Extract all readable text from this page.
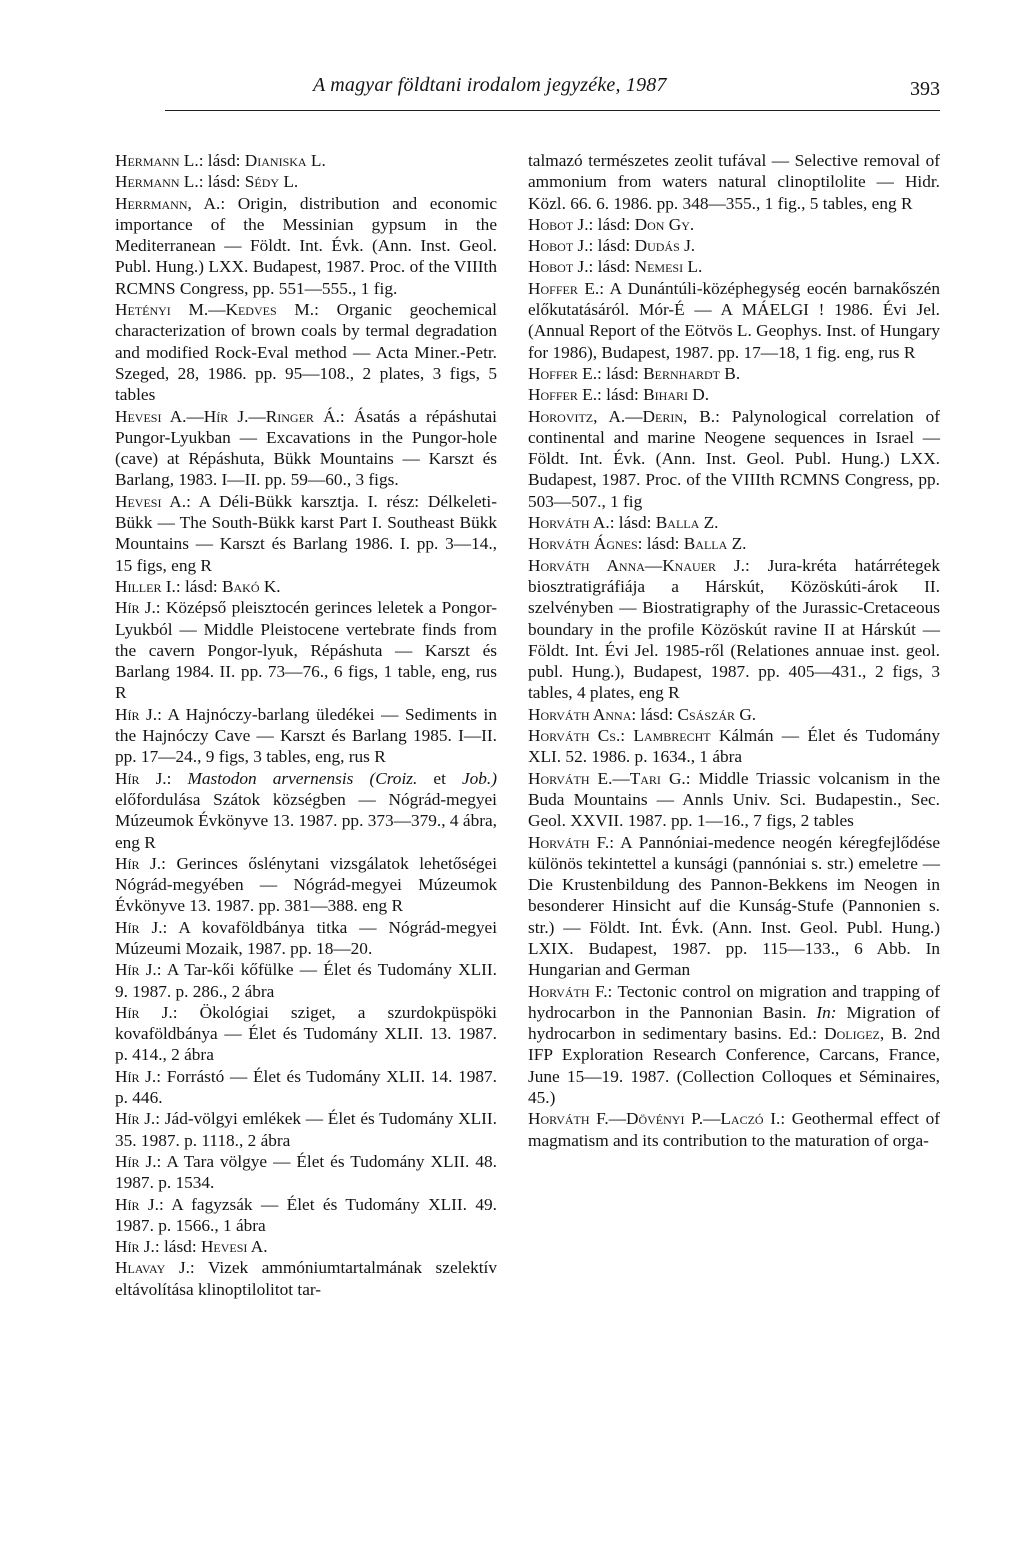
A magyar földtani irodalom jegyzéke, 1987	393

Hermann L.: lásd: Dianiska L.

Hermann L.: lásd: Sédy L.

Herrmann, A.: Origin, distribution and economic importance of the Messinian gypsum in the Mediterranean — Földt. Int. Évk. (Ann. Inst. Geol. Publ. Hung.) LXX. Budapest, 1987. Proc. of the VIIIth RCMNS Congress, pp. 551—555., 1 fig.

Hetényi M.—Kedves M.: Organic geochemical characterization of brown coals by termal degradation and modified Rock-Eval method — Acta Miner.-Petr. Szeged, 28, 1986. pp. 95—108., 2 plates, 3 figs, 5 tables

Hevesi A.—Hír J.—Ringer Á.: Ásatás a répáshutai Pungor-Lyukban — Excavations in the Pungor-hole (cave) at Répáshuta, Bükk Mountains — Karszt és Barlang, 1983. I—II. pp. 59—60., 3 figs.

Hevesi A.: A Déli-Bükk karsztja. I. rész: Délkeleti-Bükk — The South-Bükk karst Part I. Southeast Bükk Mountains — Karszt és Barlang 1986. I. pp. 3—14., 15 figs, eng R

Hiller I.: lásd: Bakó K.

Hír J.: Középső pleisztocén gerinces leletek a Pongor-Lyukból — Middle Pleistocene vertebrate finds from the cavern Pongor-lyuk, Répáshuta — Karszt és Barlang 1984. II. pp. 73—76., 6 figs, 1 table, eng, rus R

Hír J.: A Hajnóczy-barlang üledékei — Sediments in the Hajnóczy Cave — Karszt és Barlang 1985. I—II. pp. 17—24., 9 figs, 3 tables, eng, rus R

Hír J.: Mastodon arvernensis (Croiz. et Job.) előfordulása Szátok községben — Nógrád-megyei Múzeumok Évkönyve 13. 1987. pp. 373—379., 4 ábra, eng R

Hír J.: Gerinces őslénytani vizsgálatok lehetőségei Nógrád-megyében — Nógrád-megyei Múzeumok Évkönyve 13. 1987. pp. 381—388. eng R

Hír J.: A kovaföldbánya titka — Nógrád-megyei Múzeumi Mozaik, 1987. pp. 18—20.

Hír J.: A Tar-kői kőfülke — Élet és Tudomány XLII. 9. 1987. p. 286., 2 ábra

Hír J.: Ökológiai sziget, a szurdokpüspöki kovaföldbánya — Élet és Tudomány XLII. 13. 1987. p. 414., 2 ábra

Hír J.: Forrástó — Élet és Tudomány XLII. 14. 1987. p. 446.

Hír J.: Jád-völgyi emlékek — Élet és Tudomány XLII. 35. 1987. p. 1118., 2 ábra

Hír J.: A Tara völgye — Élet és Tudomány XLII. 48. 1987. p. 1534.

Hír J.: A fagyzsák — Élet és Tudomány XLII. 49. 1987. p. 1566., 1 ábra

Hír J.: lásd: Hevesi A.

Hlavay J.: Vizek ammóniumtartalmának szelektív eltávolítása klinoptilolitot tar-

talmazó természetes zeolit tufával — Selective removal of ammonium from waters natural clinoptilolite — Hidr. Közl. 66. 6. 1986. pp. 348—355., 1 fig., 5 tables, eng R

Hobot J.: lásd: Don Gy.

Hobot J.: lásd: Dudás J.

Hobot J.: lásd: Nemesi L.

Hoffer E.: A Dunántúli-középhegység eocén barnakőszén előkutatásáról. Mór-É — A MÁELGI ! 1986. Évi Jel. (Annual Report of the Eötvös L. Geophys. Inst. of Hungary for 1986), Budapest, 1987. pp. 17—18, 1 fig. eng, rus R

Hoffer E.: lásd: Bernhardt B.

Hoffer E.: lásd: Bihari D.

Horovitz, A.—Derin, B.: Palynological correlation of continental and marine Neogene sequences in Israel — Földt. Int. Évk. (Ann. Inst. Geol. Publ. Hung.) LXX. Budapest, 1987. Proc. of the VIIIth RCMNS Congress, pp. 503—507., 1 fig

Horváth A.: lásd: Balla Z.

Horváth Ágnes: lásd: Balla Z.

Horváth Anna—Knauer J.: Jura-kréta határrétegek biosztratigráfiája a Hárskút, Közöskúti-árok II. szelvényben — Biostratigraphy of the Jurassic-Cretaceous boundary in the profile Közöskút ravine II at Hárskút — Földt. Int. Évi Jel. 1985-ről (Relationes annuae inst. geol. publ. Hung.), Budapest, 1987. pp. 405—431., 2 figs, 3 tables, 4 plates, eng R

Horváth Anna: lásd: Császár G.

Horváth Cs.: Lambrecht Kálmán — Élet és Tudomány XLI. 52. 1986. p. 1634., 1 ábra

Horváth E.—Tari G.: Middle Triassic volcanism in the Buda Mountains — Annls Univ. Sci. Budapestin., Sec. Geol. XXVII. 1987. pp. 1—16., 7 figs, 2 tables

Horváth F.: A Pannóniai-medence neogén kéregfejlődése különös tekintettel a kunsági (pannóniai s. str.) emeletre — Die Krustenbildung des Pannon-Bekkens im Neogen in besonderer Hinsicht auf die Kunság-Stufe (Pannonien s. str.) — Földt. Int. Évk. (Ann. Inst. Geol. Publ. Hung.) LXIX. Budapest, 1987. pp. 115—133., 6 Abb. In Hungarian and German

Horváth F.: Tectonic control on migration and trapping of hydrocarbon in the Pannonian Basin. In: Migration of hydrocarbon in sedimentary basins. Ed.: Doligez, B. 2nd IFP Exploration Research Conference, Carcans, France, June 15—19. 1987. (Collection Colloques et Séminaires, 45.)

Horváth F.—Dövényi P.—Laczó I.: Geothermal effect of magmatism and its contribution to the maturation of orga-
